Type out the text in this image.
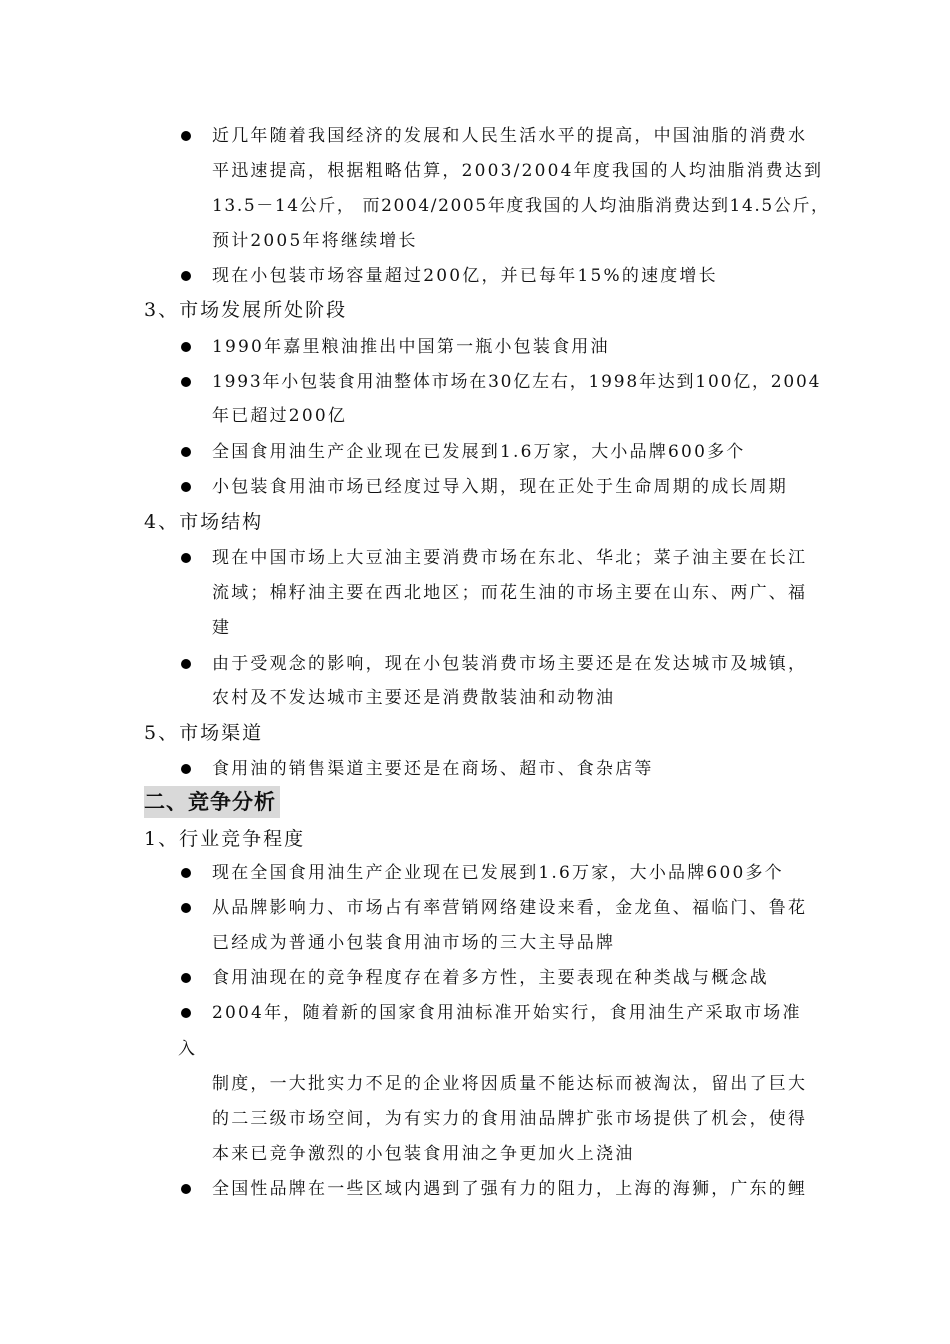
近几年随着我国经济的发展和人民生活水平的提高，中国油脂的消费水
平迅速提高，根据粗略估算，2003/2004年度我国的人均油脂消费达到
13.5－14公斤， 而2004/2005年度我国的人均油脂消费达到14.5公斤，
预计2005年将继续增长
现在小包装市场容量超过200亿，并已每年15%的速度增长
3、市场发展所处阶段
1990年嘉里粮油推出中国第一瓶小包装食用油
1993年小包装食用油整体市场在30亿左右，1998年达到100亿，2004
年已超过200亿
全国食用油生产企业现在已发展到1.6万家，大小品牌600多个
小包装食用油市场已经度过导入期，现在正处于生命周期的成长周期
4、市场结构
现在中国市场上大豆油主要消费市场在东北、华北；菜子油主要在长江
流域；棉籽油主要在西北地区；而花生油的市场主要在山东、两广、福
建
由于受观念的影响，现在小包装消费市场主要还是在发达城市及城镇，
农村及不发达城市主要还是消费散装油和动物油
5、市场渠道
食用油的销售渠道主要还是在商场、超市、食杂店等
二、竞争分析
1、行业竞争程度
现在全国食用油生产企业现在已发展到1.6万家，大小品牌600多个
从品牌影响力、市场占有率营销网络建设来看，金龙鱼、福临门、鲁花
已经成为普通小包装食用油市场的三大主导品牌
食用油现在的竞争程度存在着多方性，主要表现在种类战与概念战
2004年，随着新的国家食用油标准开始实行，食用油生产采取市场准
入
制度，一大批实力不足的企业将因质量不能达标而被淘汰，留出了巨大
的二三级市场空间，为有实力的食用油品牌扩张市场提供了机会，使得
本来已竞争激烈的小包装食用油之争更加火上浇油
全国性品牌在一些区域内遇到了强有力的阻力，上海的海狮，广东的鲤
